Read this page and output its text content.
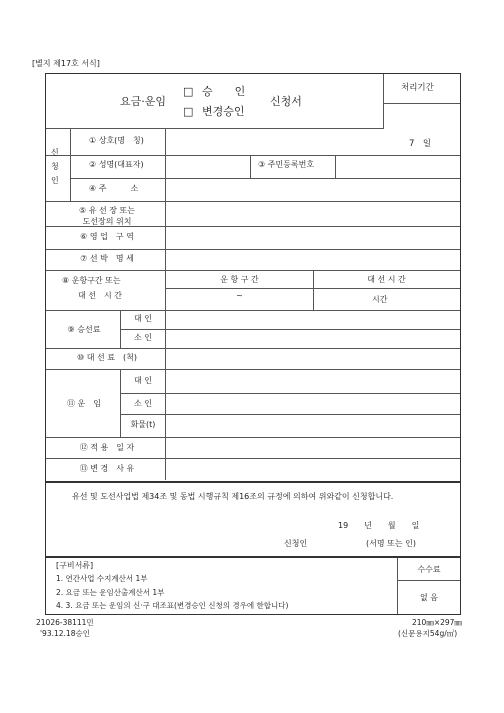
[별지 제17호 서식]
요금·운임
□ 승　　인
□ 변경승인
신청서
처리기간
7　일
신
청
인
① 상호(명　칭)
② 성명(대표자)	③ 주민등록번호
④ 주　　　소
⑤ 유 선 장 또는
도선장의 위치
⑥ 영 업　구 역
⑦ 선 박　명 세
⑧ 운항구간 또는
대 선　시 간
운 항 구 간	대 선 시 간
~	시간
⑨ 승선료
대 인
소 인
⑩ 대 선 료　(척)
⑪ 운　임
대 인
소 인
화물(t)
⑫ 적 용　일 자
⑬ 변 경　사 유
유선 및 도선사업법 제34조 및 동법 시행규칙 제16조의 규정에 의하여 위와같이 신청합니다.
19　　년　　월　　일
신청인	(서명 또는 인)
[구비서류]
1. 연간사업 수지계산서 1부
2. 요금 또는 운임산출계산서 1부
4. 3. 요금 또는 운임의 신·구 대조표(변경승인 신청의 경우에 한합니다)
수수료
없 음
21026-38111민
'93.12.18승인
210㎜×297㎜
(신문용지54g/㎡)
